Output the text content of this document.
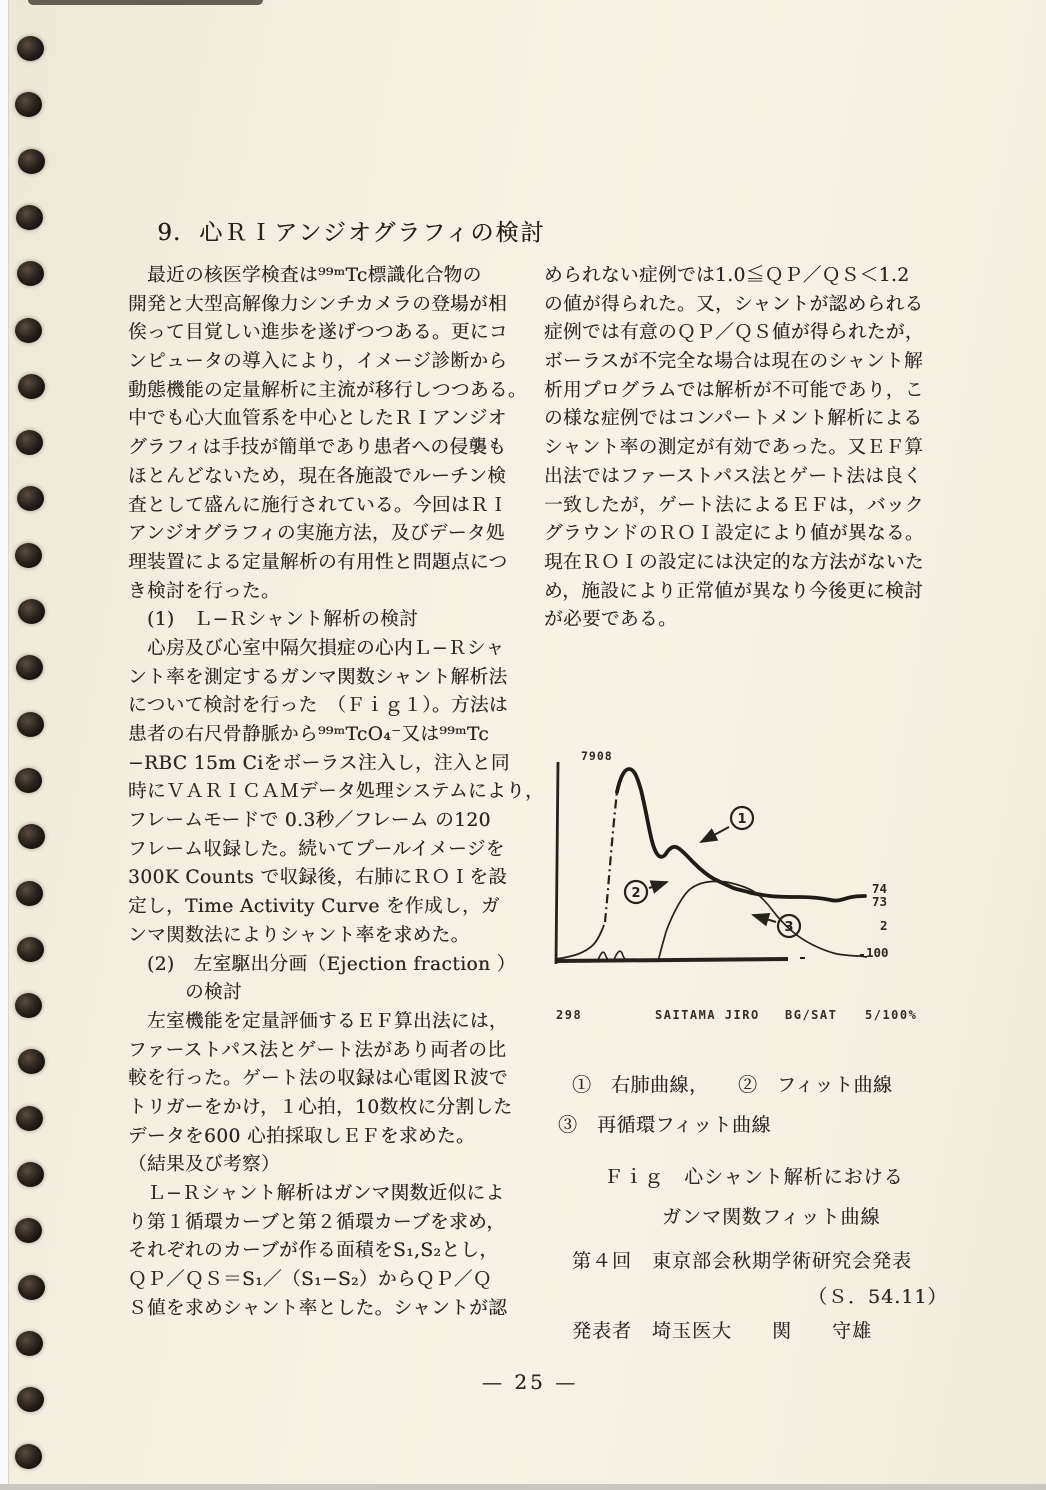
9. 心ＲＩアンジオグラフィの検討

　最近の核医学検査は⁹⁹ᵐTc標識化合物の
開発と大型高解像力シンチカメラの登場が相
俟って目覚しい進歩を遂げつつある。更にコ
ンピュータの導入により，イメージ診断から
動態機能の定量解析に主流が移行しつつある。
中でも心大血管系を中心としたＲＩアンジオ
グラフィは手技が簡単であり患者への侵襲も
ほとんどないため，現在各施設でルーチン検
査として盛んに施行されている。今回はＲＩ
アンジオグラフィの実施方法，及びデータ処
理装置による定量解析の有用性と問題点につ
き検討を行った。
　(1)　Ｌ−Ｒシャント解析の検討
　心房及び心室中隔欠損症の心内Ｌ−Ｒシャ
ント率を測定するガンマ関数シャント解析法
について検討を行った　（Ｆｉｇ１）。方法は
患者の右尺骨静脈から⁹⁹ᵐTcO₄⁻又は⁹⁹ᵐTc
−RBC 15m Ciをボーラス注入し，注入と同
時にＶＡＲＩＣＡＭデータ処理システムにより，
フレームモードで 0.3秒／フレーム の120
フレーム収録した。続いてプールイメージを
300K Counts で収録後，右肺にＲＯＩを設
定し，Time Activity Curve を作成し，ガ
ンマ関数法によりシャント率を求めた。
　(2)　左室駆出分画（Ejection fraction ）
　　　の検討
　左室機能を定量評価するＥＦ算出法には，
ファーストパス法とゲート法があり両者の比
較を行った。ゲート法の収録は心電図Ｒ波で
トリガーをかけ，１心拍，10数枚に分割した
データを600 心拍採取しＥＦを求めた。
（結果及び考察）
　Ｌ−Ｒシャント解析はガンマ関数近似によ
り第１循環カーブと第２循環カーブを求め，
それぞれのカーブが作る面積をS₁,S₂とし，
ＱＰ／ＱＳ＝S₁／（S₁−S₂）からＱＰ／Ｑ
Ｓ値を求めシャント率とした。シャントが認
められない症例では1.0≦ＱＰ／ＱＳ＜1.2
の値が得られた。又，シャントが認められる
症例では有意のＱＰ／ＱＳ値が得られたが，
ボーラスが不完全な場合は現在のシャント解
析用プログラムでは解析が不可能であり，こ
の様な症例ではコンパートメント解析による
シャント率の測定が有効であった。又ＥＦ算
出法ではファーストパス法とゲート法は良く
一致したが，ゲート法によるＥＦは，バック
グラウンドのＲＯＩ設定により値が異なる。
現在ＲＯＩの設定には決定的な方法がないた
め，施設により正常値が異なり今後更に検討
が必要である。
1
2
3
7908
74
73
2
100
298	SAITAMA JIRO BG/SAT 5/100%
①　右肺曲線，　　②　フィット曲線
③　再循環フィット曲線
Ｆｉｇ　心シャント解析における
ガンマ関数フィット曲線
第４回　東京部会秋期学術研究会発表
（Ｓ．54.11）
発表者　埼玉医大　　関　　守雄
— 25 —
